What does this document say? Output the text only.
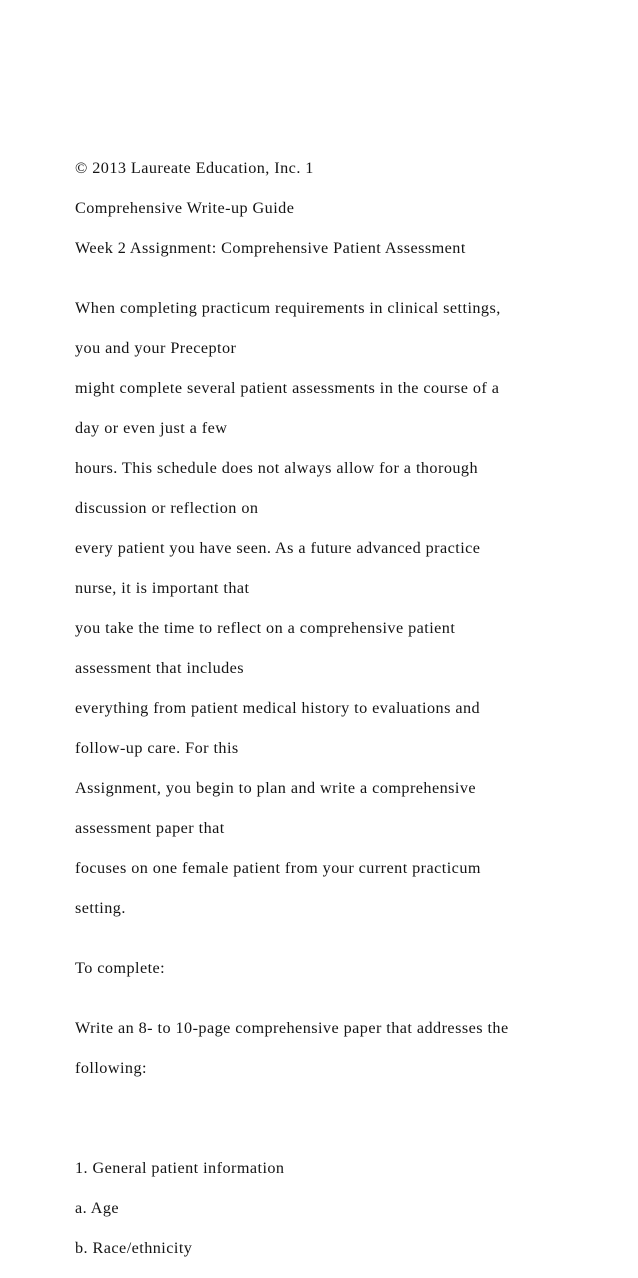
© 2013 Laureate Education, Inc. 1

Comprehensive Write-up Guide

Week 2 Assignment: Comprehensive Patient Assessment

When completing practicum requirements in clinical settings,

you and your Preceptor

might complete several patient assessments in the course of a

day or even just a few

hours. This schedule does not always allow for a thorough

discussion or reflection on

every patient you have seen. As a future advanced practice

nurse, it is important that

you take the time to reflect on a comprehensive patient

assessment that includes

everything from patient medical history to evaluations and

follow-up care. For this

Assignment, you begin to plan and write a comprehensive

assessment paper that

focuses on one female patient from your current practicum

setting.

To complete:

Write an 8- to 10-page comprehensive paper that addresses the

following:

1. General patient information

a. Age

b. Race/ethnicity
